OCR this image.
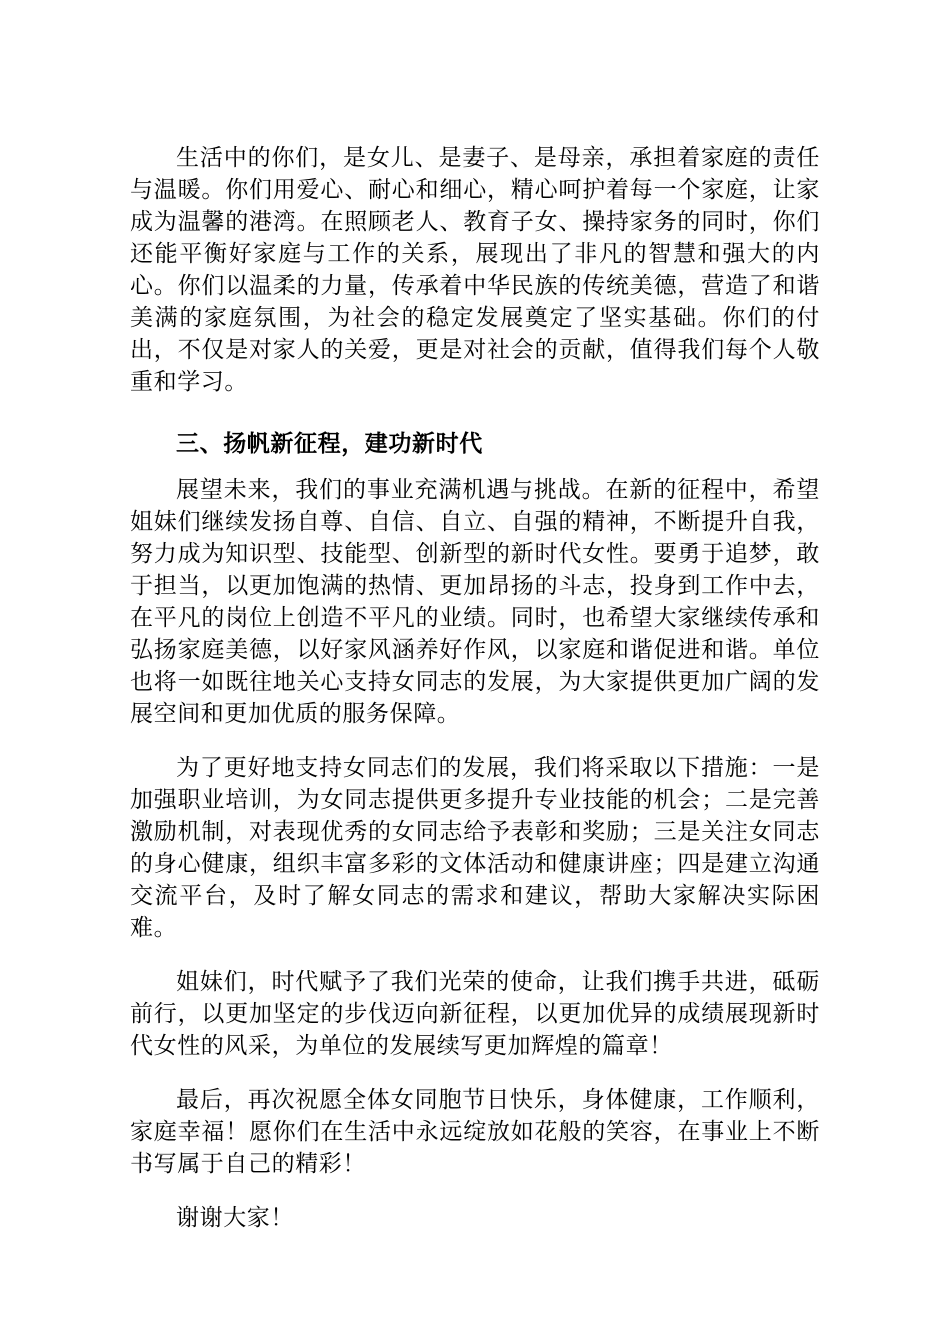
生活中的你们，是女儿、是妻子、是母亲，承担着家庭的责任与温暖。你们用爱心、耐心和细心，精心呵护着每一个家庭，让家成为温馨的港湾。在照顾老人、教育子女、操持家务的同时，你们还能平衡好家庭与工作的关系，展现出了非凡的智慧和强大的内心。你们以温柔的力量，传承着中华民族的传统美德，营造了和谐美满的家庭氛围，为社会的稳定发展奠定了坚实基础。你们的付出，不仅是对家人的关爱，更是对社会的贡献，值得我们每个人敬重和学习。

三、扬帆新征程，建功新时代

展望未来，我们的事业充满机遇与挑战。在新的征程中，希望姐妹们继续发扬自尊、自信、自立、自强的精神，不断提升自我，努力成为知识型、技能型、创新型的新时代女性。要勇于追梦，敢于担当，以更加饱满的热情、更加昂扬的斗志，投身到工作中去，在平凡的岗位上创造不平凡的业绩。同时，也希望大家继续传承和弘扬家庭美德，以好家风涵养好作风，以家庭和谐促进和谐。单位也将一如既往地关心支持女同志的发展，为大家提供更加广阔的发展空间和更加优质的服务保障。

为了更好地支持女同志们的发展，我们将采取以下措施：一是加强职业培训，为女同志提供更多提升专业技能的机会；二是完善激励机制，对表现优秀的女同志给予表彰和奖励；三是关注女同志的身心健康，组织丰富多彩的文体活动和健康讲座；四是建立沟通交流平台，及时了解女同志的需求和建议，帮助大家解决实际困难。

姐妹们，时代赋予了我们光荣的使命，让我们携手共进，砥砺前行，以更加坚定的步伐迈向新征程，以更加优异的成绩展现新时代女性的风采，为单位的发展续写更加辉煌的篇章！

最后，再次祝愿全体女同胞节日快乐，身体健康，工作顺利，家庭幸福！愿你们在生活中永远绽放如花般的笑容，在事业上不断书写属于自己的精彩！

谢谢大家！
